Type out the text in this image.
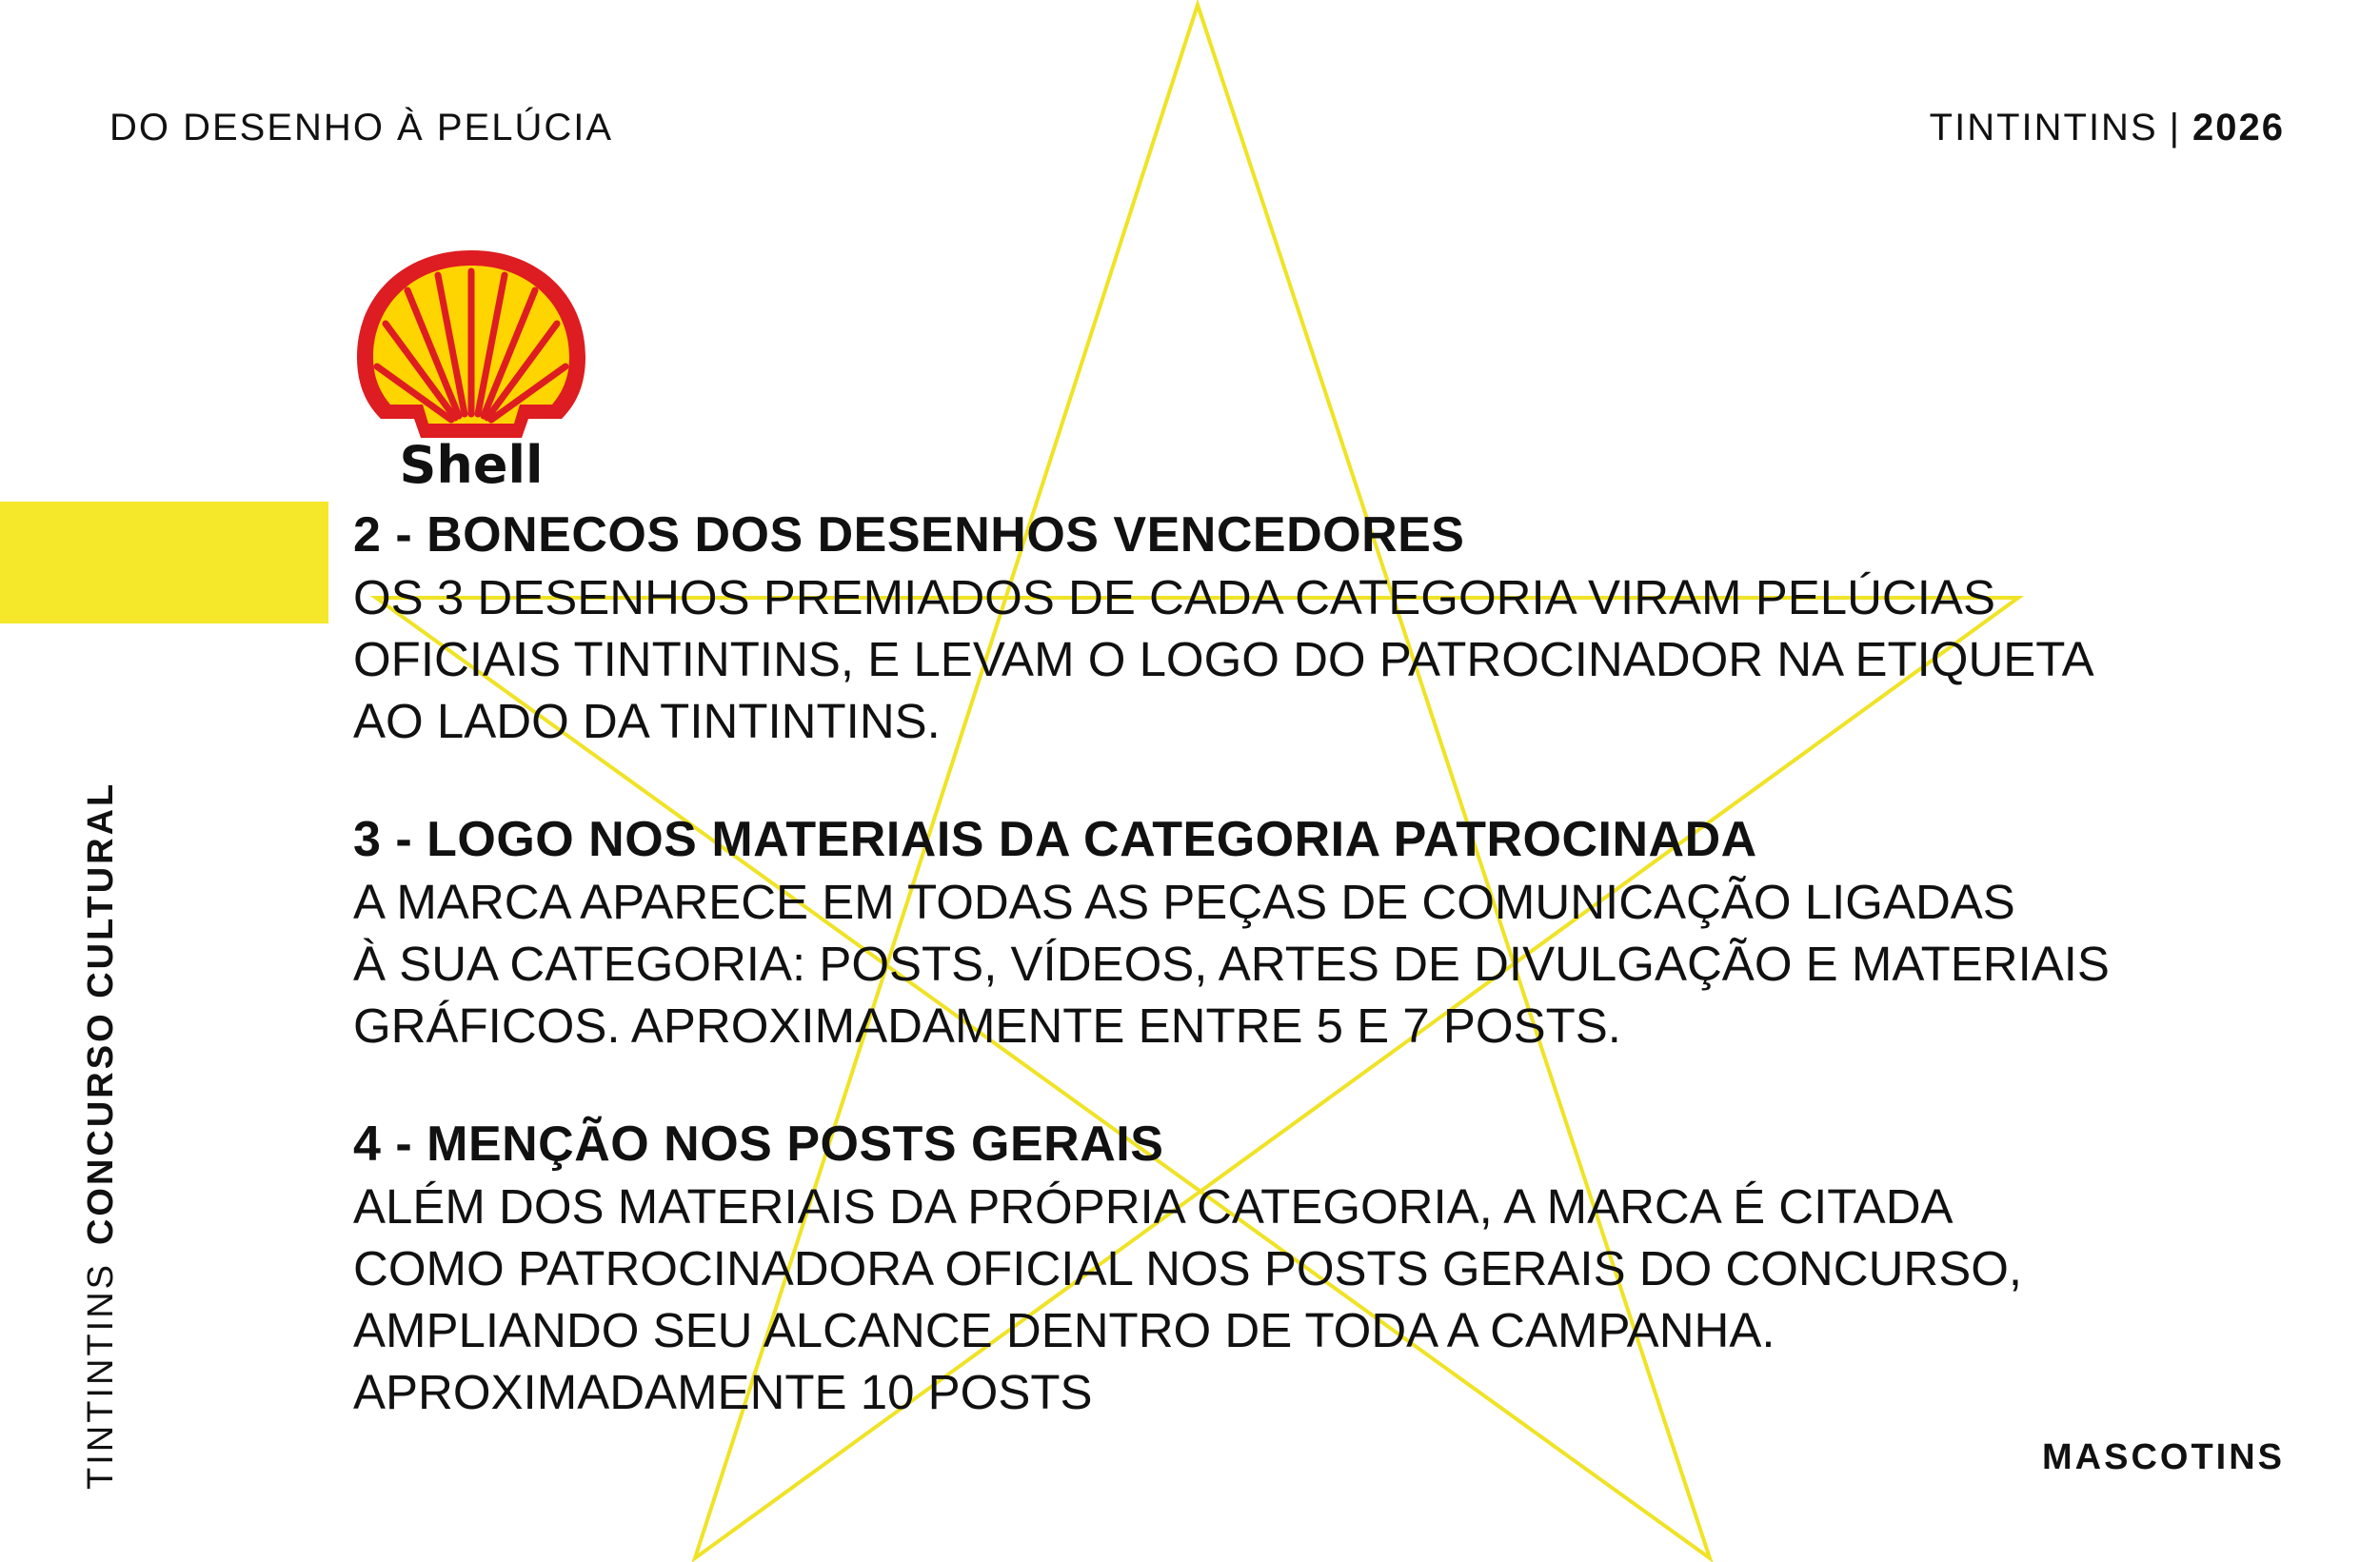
DO DESENHO À PELÚCIA	TINTINTINS | 2026
TINTINTINSCONCURSO CULTURAL
Shell
2 - BONECOS DOS DESENHOS VENCEDORES
OS 3 DESENHOS PREMIADOS DE CADA CATEGORIA VIRAM PELÚCIAS
OFICIAIS TINTINTINS, E LEVAM O LOGO DO PATROCINADOR NA ETIQUETA
AO LADO DA TINTINTINS.
3 - LOGO NOS MATERIAIS DA CATEGORIA PATROCINADA
A MARCA APARECE EM TODAS AS PEÇAS DE COMUNICAÇÃO LIGADAS
À SUA CATEGORIA: POSTS, VÍDEOS, ARTES DE DIVULGAÇÃO E MATERIAIS
GRÁFICOS. APROXIMADAMENTE ENTRE 5 E 7 POSTS.
4 - MENÇÃO NOS POSTS GERAIS
ALÉM DOS MATERIAIS DA PRÓPRIA CATEGORIA, A MARCA É CITADA
COMO PATROCINADORA OFICIAL NOS POSTS GERAIS DO CONCURSO,
AMPLIANDO SEU ALCANCE DENTRO DE TODA A CAMPANHA.
APROXIMADAMENTE 10 POSTS
MASCOTINS
